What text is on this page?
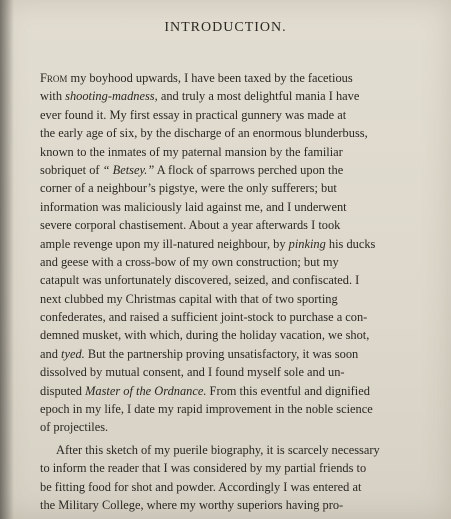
INTRODUCTION.
From my boyhood upwards, I have been taxed by the facetious
with shooting-madness, and truly a most delightful mania I have
ever found it. My first essay in practical gunnery was made at
the early age of six, by the discharge of an enormous blunderbuss,
known to the inmates of my paternal mansion by the familiar
sobriquet of “ Betsey.” A flock of sparrows perched upon the
corner of a neighbour’s pigstye, were the only sufferers; but
information was maliciously laid against me, and I underwent
severe corporal chastisement. About a year afterwards I took
ample revenge upon my ill-natured neighbour, by pinking his ducks
and geese with a cross-bow of my own construction; but my
catapult was unfortunately discovered, seized, and confiscated. I
next clubbed my Christmas capital with that of two sporting
confederates, and raised a sufficient joint-stock to purchase a con-
demned musket, with which, during the holiday vacation, we shot,
and tyed. But the partnership proving unsatisfactory, it was soon
dissolved by mutual consent, and I found myself sole and un-
disputed Master of the Ordnance. From this eventful and dignified
epoch in my life, I date my rapid improvement in the noble science
of projectiles.
After this sketch of my puerile biography, it is scarcely necessary
to inform the reader that I was considered by my partial friends to
be fitting food for shot and powder. Accordingly I was entered at
the Military College, where my worthy superiors having pro-
